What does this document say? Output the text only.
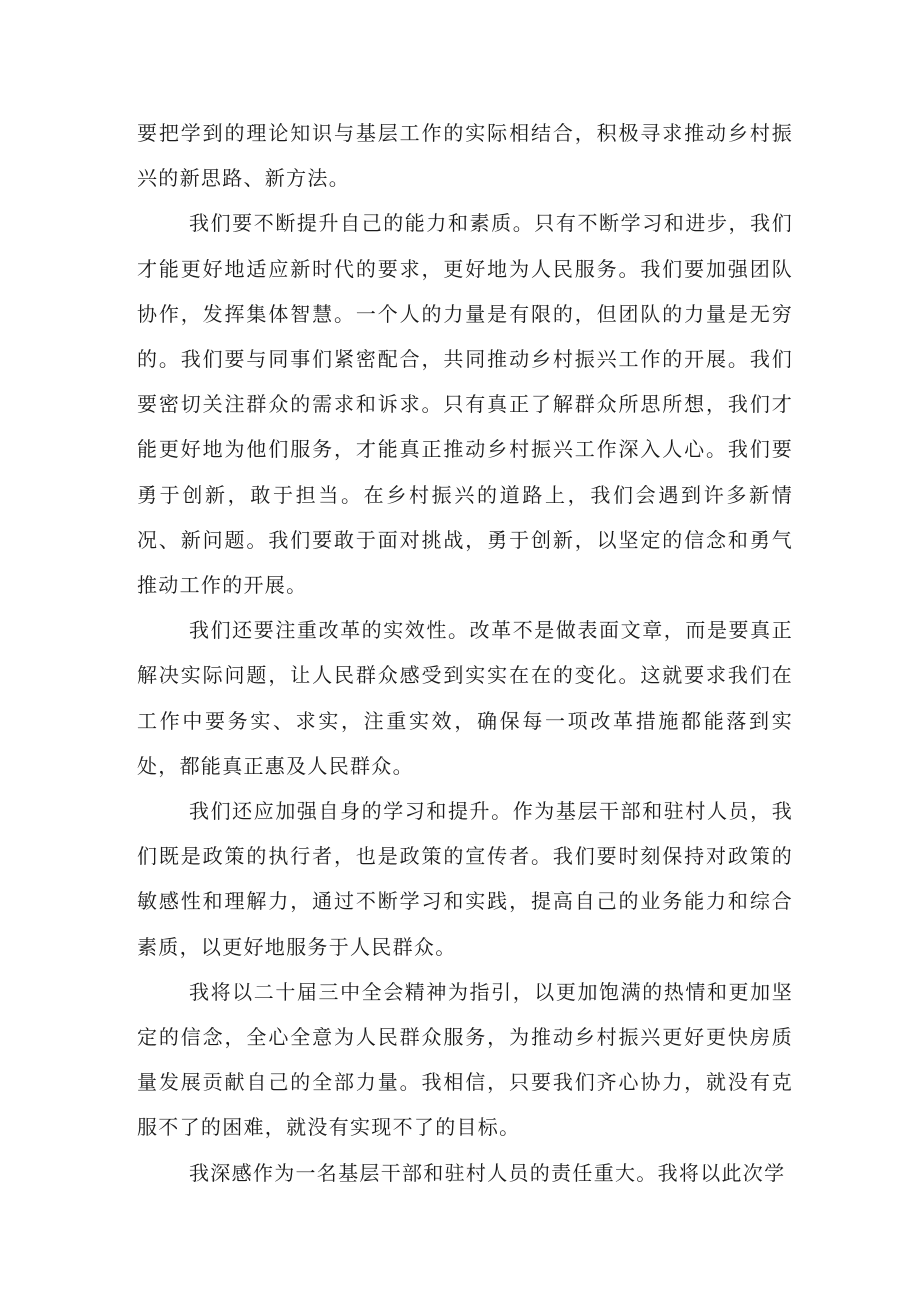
要把学到的理论知识与基层工作的实际相结合，积极寻求推动乡村振兴的新思路、新方法。

我们要不断提升自己的能力和素质。只有不断学习和进步，我们才能更好地适应新时代的要求，更好地为人民服务。我们要加强团队协作，发挥集体智慧。一个人的力量是有限的，但团队的力量是无穷的。我们要与同事们紧密配合，共同推动乡村振兴工作的开展。我们要密切关注群众的需求和诉求。只有真正了解群众所思所想，我们才能更好地为他们服务，才能真正推动乡村振兴工作深入人心。我们要勇于创新，敢于担当。在乡村振兴的道路上，我们会遇到许多新情况、新问题。我们要敢于面对挑战，勇于创新，以坚定的信念和勇气推动工作的开展。

我们还要注重改革的实效性。改革不是做表面文章，而是要真正解决实际问题，让人民群众感受到实实在在的变化。这就要求我们在工作中要务实、求实，注重实效，确保每一项改革措施都能落到实处，都能真正惠及人民群众。

我们还应加强自身的学习和提升。作为基层干部和驻村人员，我们既是政策的执行者，也是政策的宣传者。我们要时刻保持对政策的敏感性和理解力，通过不断学习和实践，提高自己的业务能力和综合素质，以更好地服务于人民群众。

我将以二十届三中全会精神为指引，以更加饱满的热情和更加坚定的信念，全心全意为人民群众服务，为推动乡村振兴更好更快房质量发展贡献自己的全部力量。我相信，只要我们齐心协力，就没有克服不了的困难，就没有实现不了的目标。

我深感作为一名基层干部和驻村人员的责任重大。我将以此次学
